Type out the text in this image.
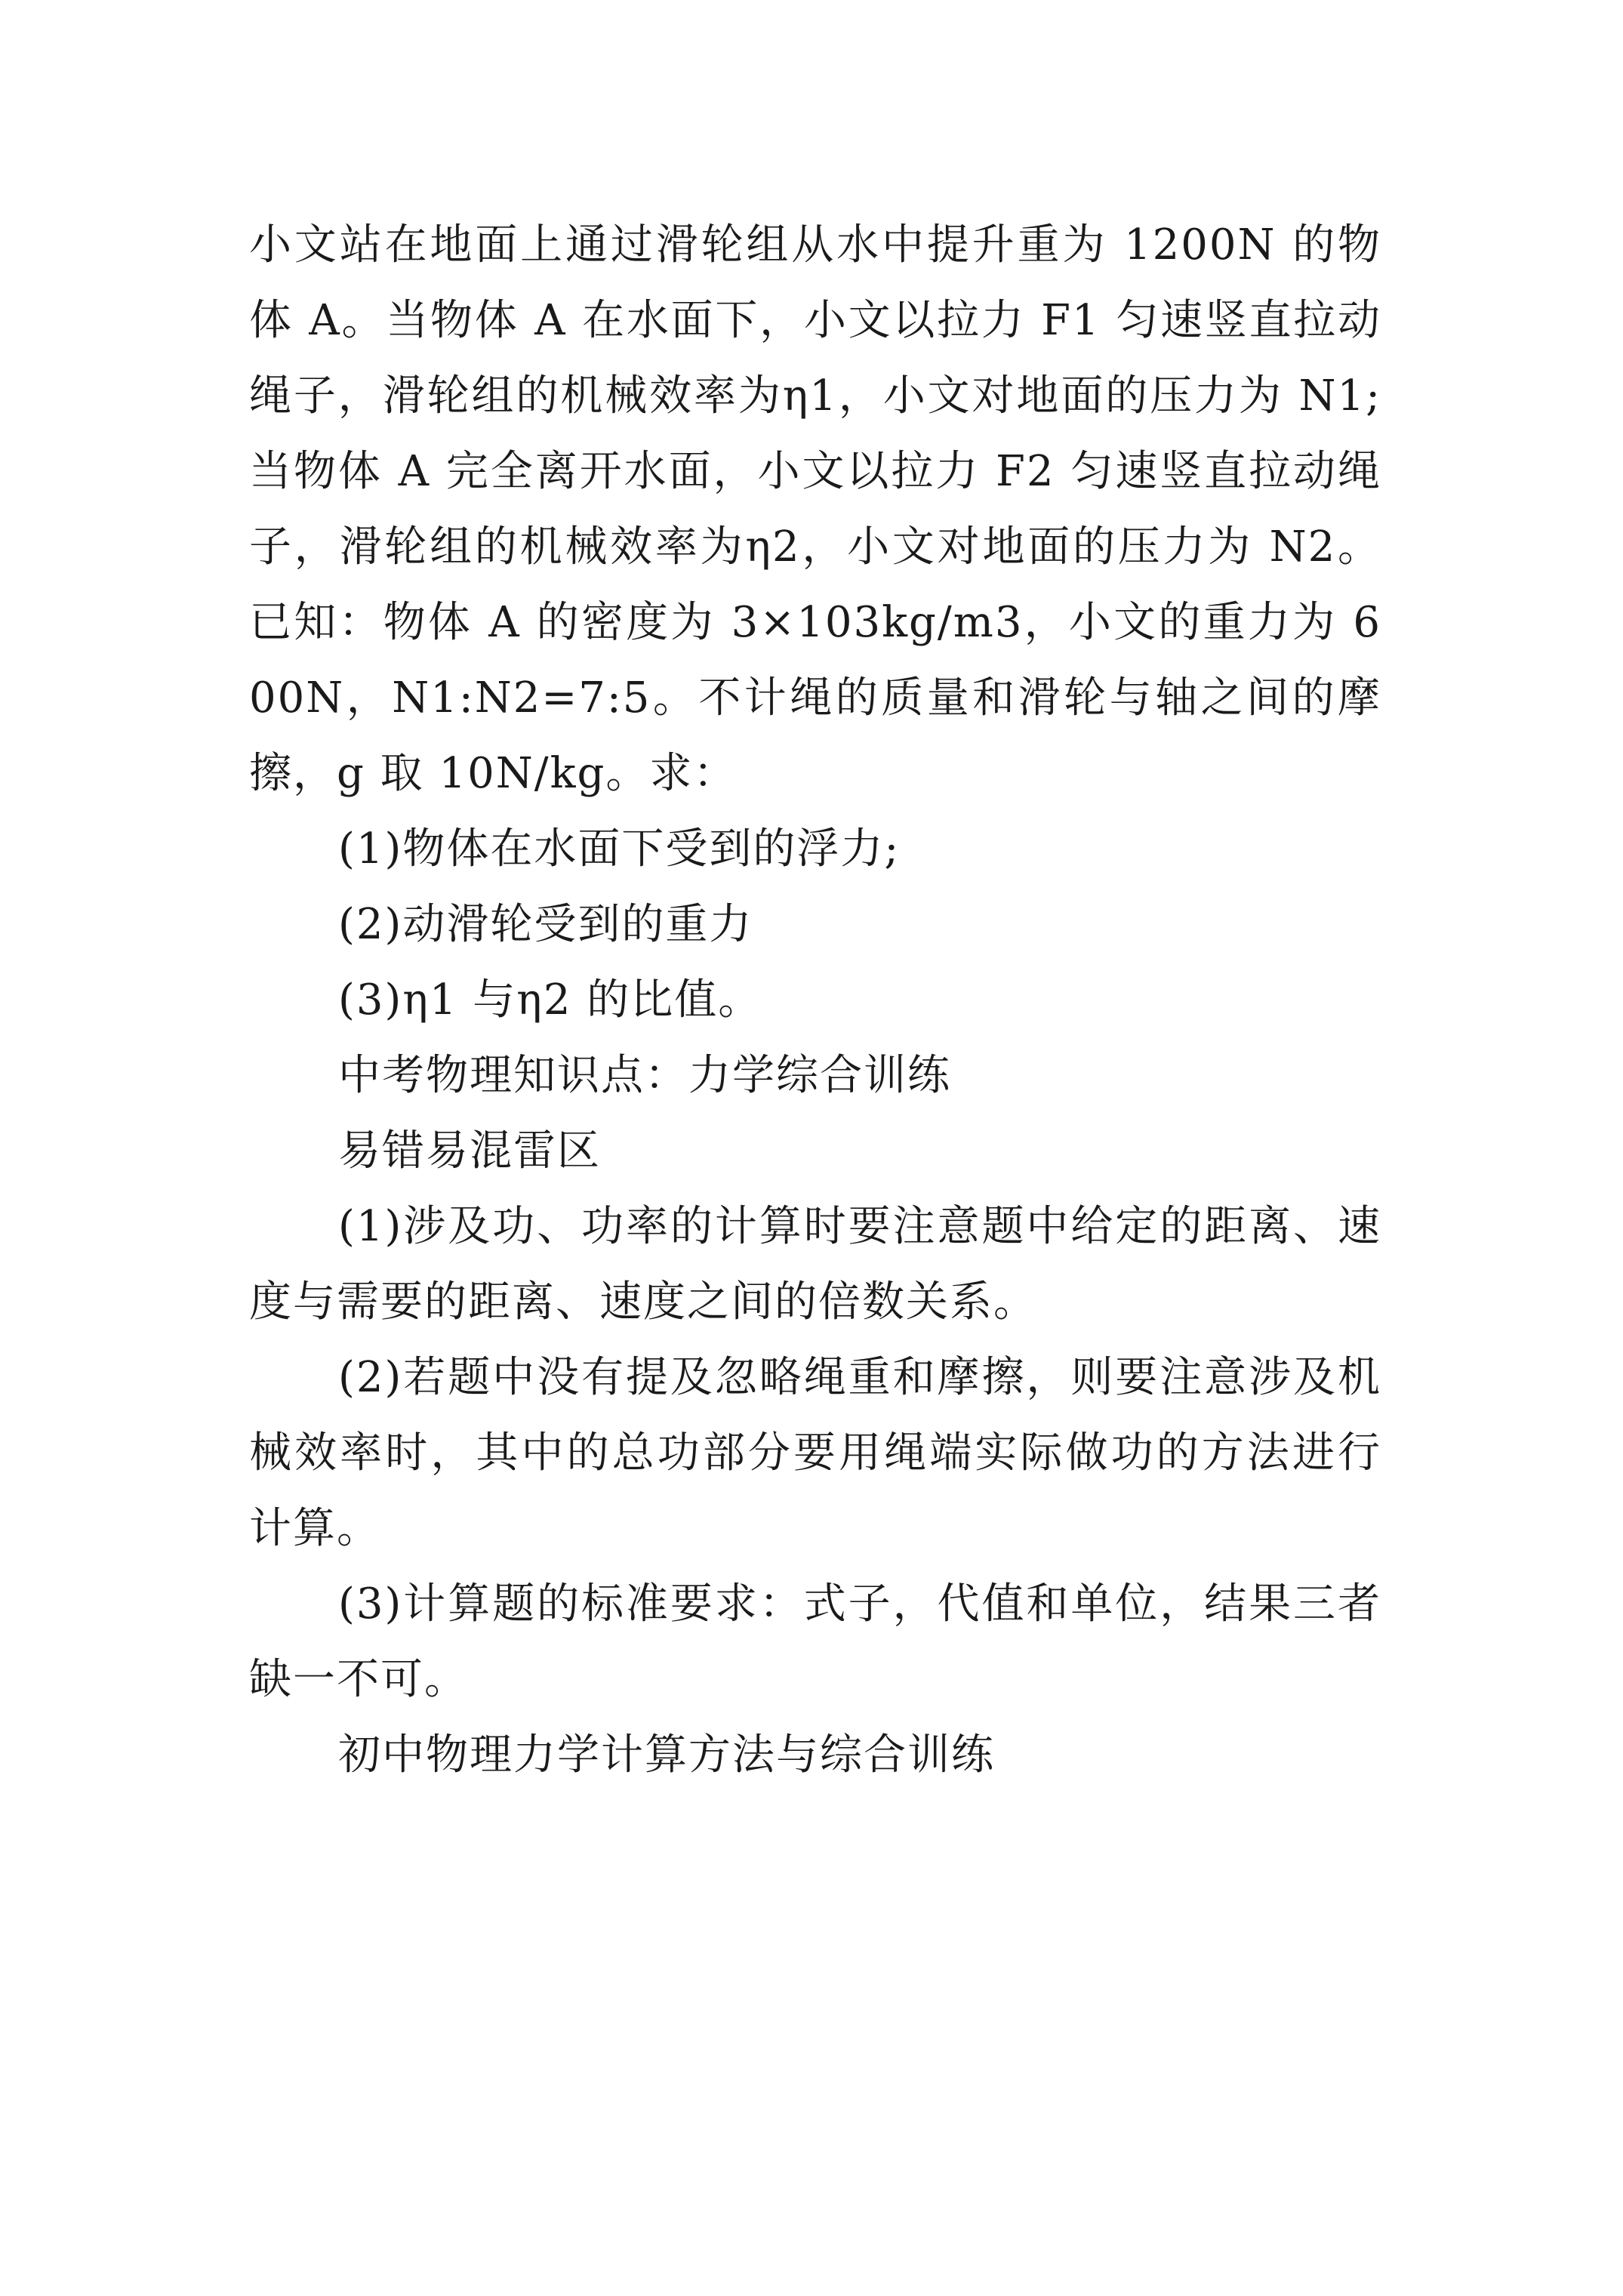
小文站在地面上通过滑轮组从水中提升重为 1200N 的物体 A。当物体 A 在水面下，小文以拉力 F1 匀速竖直拉动绳子，滑轮组的机械效率为η1，小文对地面的压力为 N1;当物体 A 完全离开水面，小文以拉力 F2 匀速竖直拉动绳子，滑轮组的机械效率为η2，小文对地面的压力为 N2。已知：物体 A 的密度为 3×103kg/m3，小文的重力为 600N，N1:N2=7:5。不计绳的质量和滑轮与轴之间的摩擦，g 取 10N/kg。求：

(1)物体在水面下受到的浮力;

(2)动滑轮受到的重力

(3)η1 与η2 的比值。

中考物理知识点：力学综合训练

易错易混雷区

(1)涉及功、功率的计算时要注意题中给定的距离、速度与需要的距离、速度之间的倍数关系。

(2)若题中没有提及忽略绳重和摩擦，则要注意涉及机械效率时，其中的总功部分要用绳端实际做功的方法进行计算。

(3)计算题的标准要求：式子，代值和单位，结果三者缺一不可。

初中物理力学计算方法与综合训练
